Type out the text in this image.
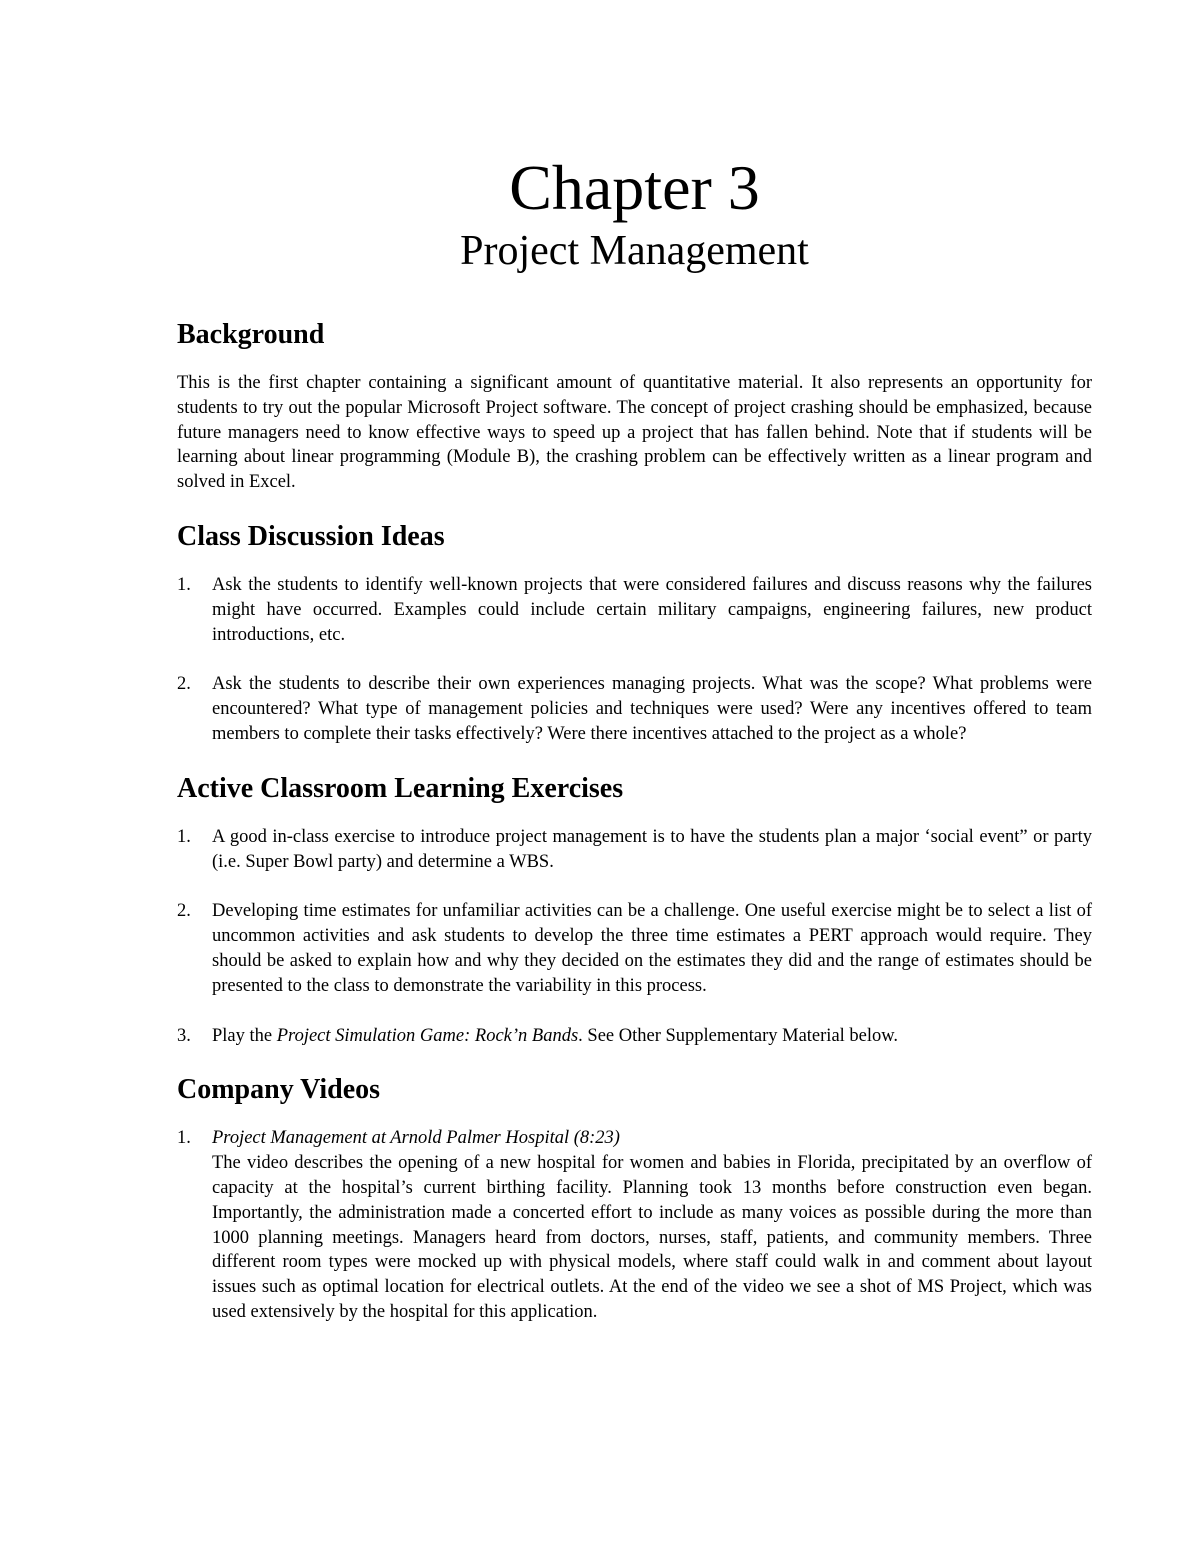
Chapter 3
Project Management
Background

This is the first chapter containing a significant amount of quantitative material. It also represents an opportunity for students to try out the popular Microsoft Project software. The concept of project crashing should be emphasized, because future managers need to know effective ways to speed up a project that has fallen behind. Note that if students will be learning about linear programming (Module B), the crashing problem can be effectively written as a linear program and solved in Excel.

Class Discussion Ideas
1. Ask the students to identify well-known projects that were considered failures and discuss reasons why the failures might have occurred. Examples could include certain military campaigns, engineering failures, new product introductions, etc.
2. Ask the students to describe their own experiences managing projects. What was the scope? What problems were encountered? What type of management policies and techniques were used? Were any incentives offered to team members to complete their tasks effectively? Were there incentives attached to the project as a whole?
Active Classroom Learning Exercises
1. A good in-class exercise to introduce project management is to have the students plan a major ‘social event” or party (i.e. Super Bowl party) and determine a WBS.
2. Developing time estimates for unfamiliar activities can be a challenge. One useful exercise might be to select a list of uncommon activities and ask students to develop the three time estimates a PERT approach would require. They should be asked to explain how and why they decided on the estimates they did and the range of estimates should be presented to the class to demonstrate the variability in this process.
3. Play the Project Simulation Game: Rock’n Bands. See Other Supplementary Material below.
Company Videos
1. Project Management at Arnold Palmer Hospital (8:23)
The video describes the opening of a new hospital for women and babies in Florida, precipitated by an overflow of capacity at the hospital’s current birthing facility. Planning took 13 months before construction even began. Importantly, the administration made a concerted effort to include as many voices as possible during the more than 1000 planning meetings. Managers heard from doctors, nurses, staff, patients, and community members. Three different room types were mocked up with physical models, where staff could walk in and comment about layout issues such as optimal location for electrical outlets. At the end of the video we see a shot of MS Project, which was used extensively by the hospital for this application.
